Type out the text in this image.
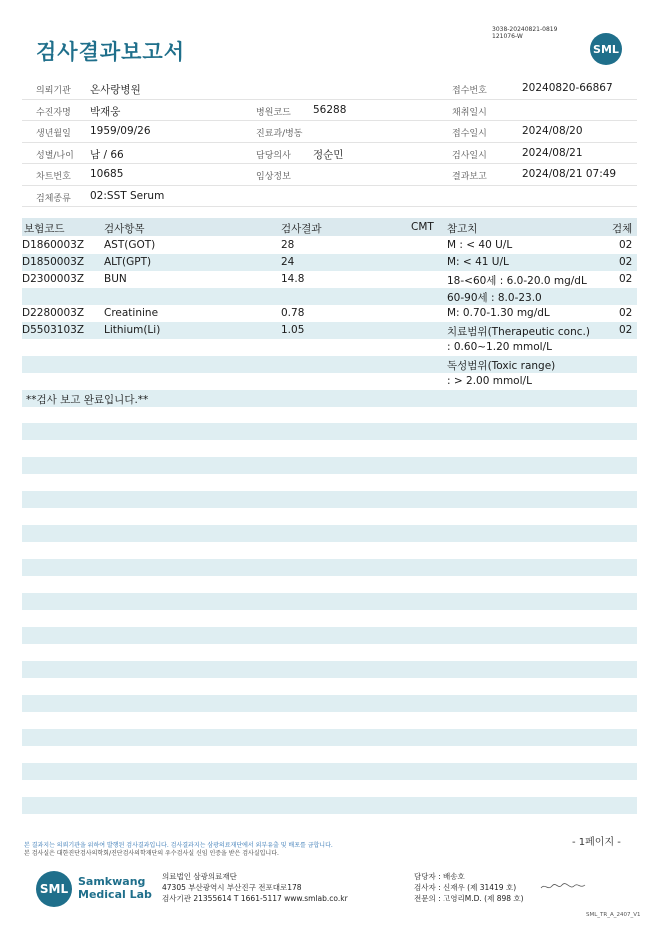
검사결과보고서
3038-20240821-0819
121076-W
SML
의뢰기관 온사랑병원	접수번호	20240820-66867
수진자명 박재웅	병원코드 56288	채취일시
생년월일 1959/09/26	진료과/병동	접수일시	2024/08/20
성별/나이 남 / 66	담당의사 정순민	검사일시	2024/08/21
차트번호 10685	임상정보	결과보고	2024/08/21 07:49
검체종류 02:SST Serum
보험코드	검사항목	검사결과	CMT 참고치	검체
D1860003Z AST(GOT)	28	M : < 40 U/L	02
D1850003Z ALT(GPT)	24	M: < 41 U/L	02
D2300003Z BUN	14.8	18-<60세 : 6.0-20.0 mg/dL	02
60-90세 : 8.0-23.0
D2280003Z Creatinine	0.78	M: 0.70-1.30 mg/dL	02
D5503103Z Lithium(Li)	1.05	치료범위(Therapeutic conc.)	02
: 0.60~1.20 mmol/L
독성범위(Toxic range)
: > 2.00 mmol/L
**검사 보고 완료입니다.**
- 1페이지 -
본 결과지는 의뢰기관을 위하여 발행된 검사결과입니다. 검사결과지는 삼광의료재단에서 외부유출 및 배포를 금합니다.
본 검사실은 대한진단검사의학회/진단검사의학재단의 우수검사실 신임 인증을 받은 검사실입니다.
SML
Samkwang
Medical Lab
의료법인 삼광의료재단
47305 부산광역시 부산진구 전포대로178
검사기관 21355614 T 1661-5117 www.smlab.co.kr
담당자 : 배송호
검사자 : 신재우 (제 31419 호)
전문의 : 고영리M.D. (제 898 호)
SML_TR_A_2407_V1
